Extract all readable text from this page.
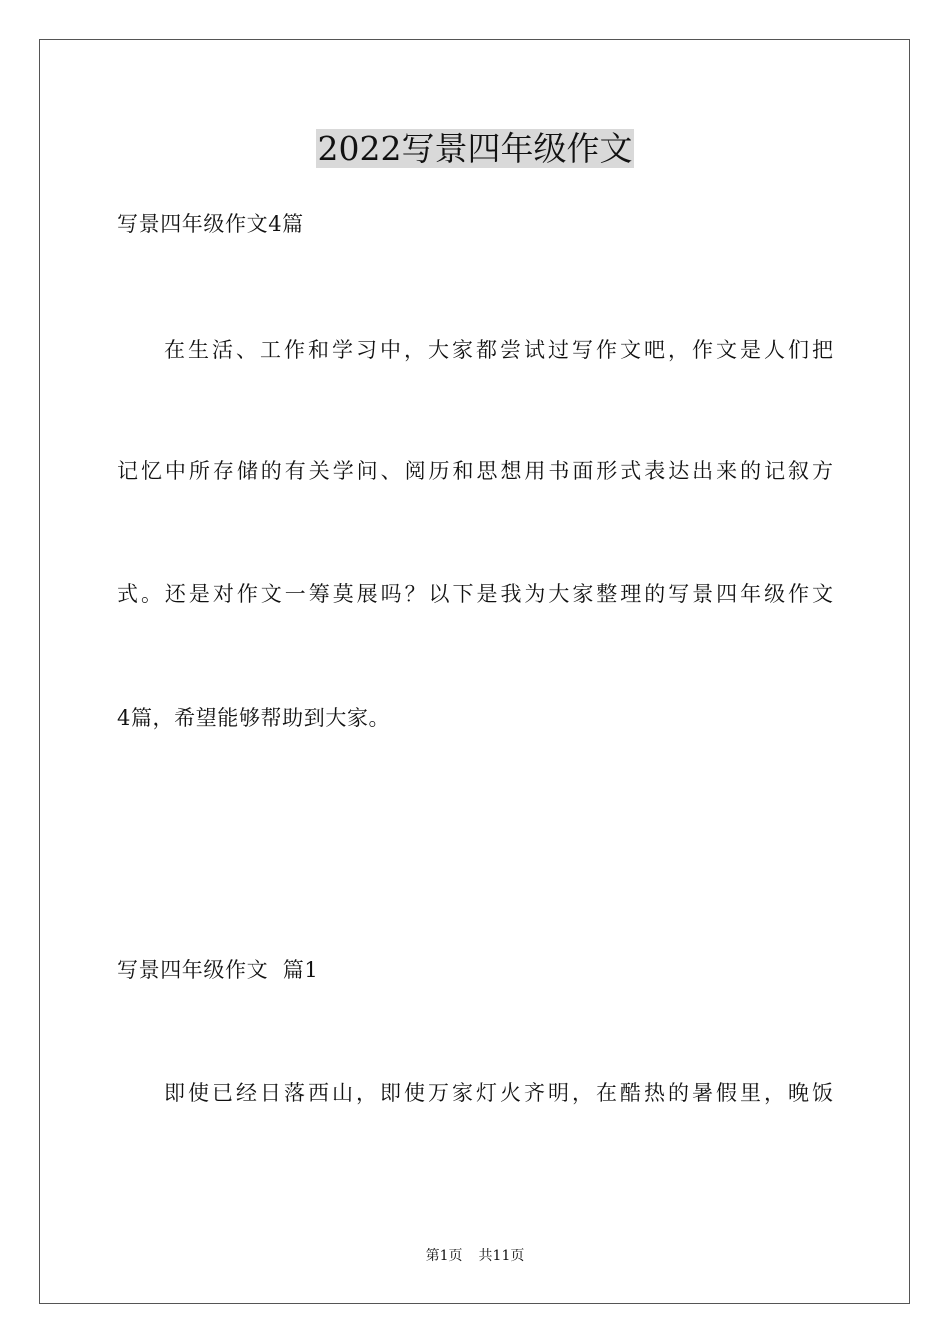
2022写景四年级作文
写景四年级作文4篇
在生活、工作和学习中，大家都尝试过写作文吧，作文是人们把
记忆中所存储的有关学问、阅历和思想用书面形式表达出来的记叙方
式。还是对作文一筹莫展吗？以下是我为大家整理的写景四年级作文
4篇，希望能够帮助到大家。
写景四年级作文  篇1
即使已经日落西山，即使万家灯火齐明，在酷热的暑假里，晚饭
第1页 共11页
